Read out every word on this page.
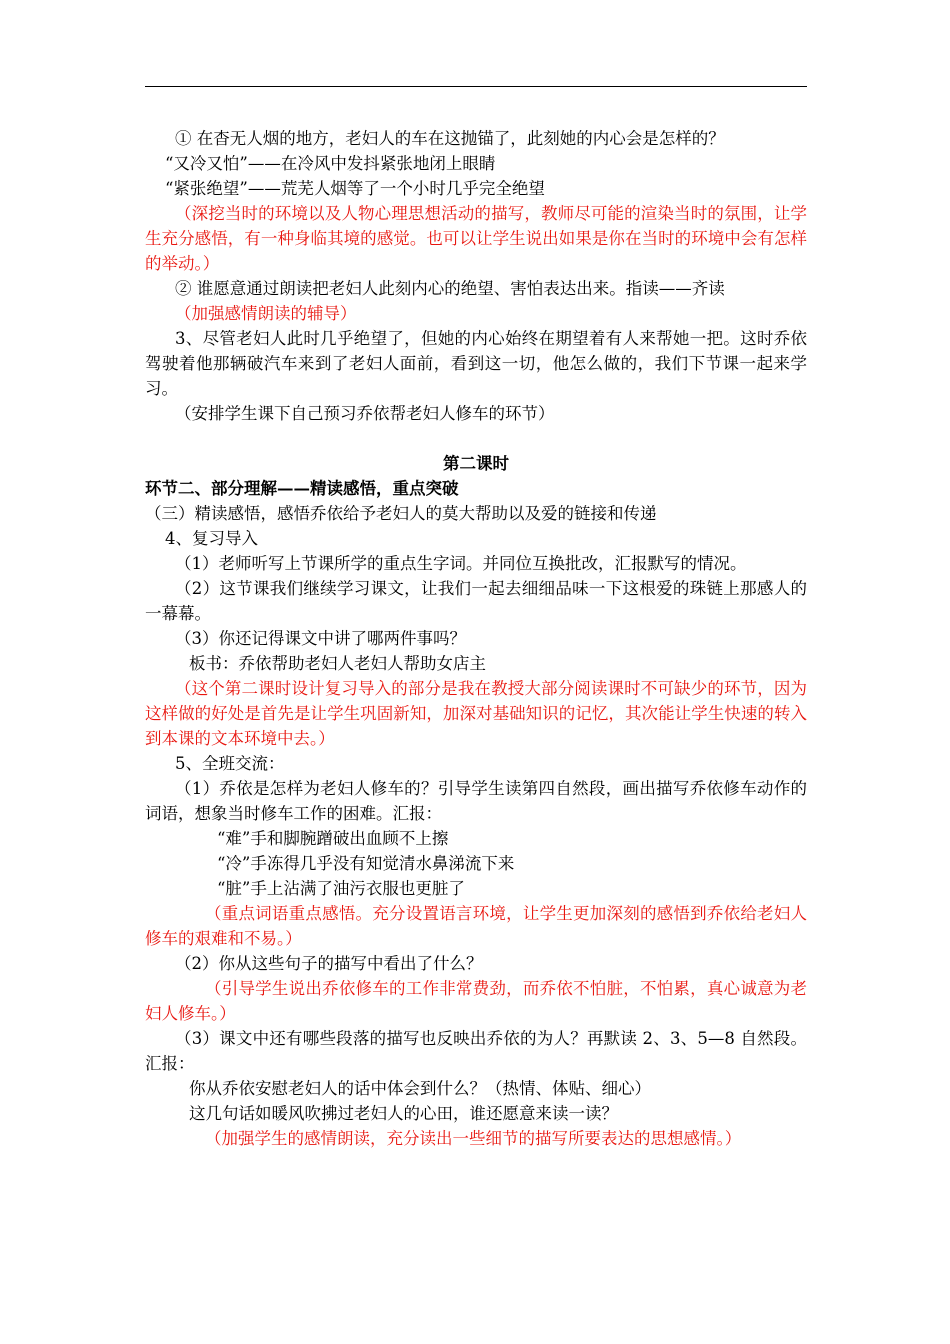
① 在杳无人烟的地方，老妇人的车在这抛锚了，此刻她的内心会是怎样的？

“又冷又怕”——在冷风中发抖紧张地闭上眼睛

“紧张绝望”——荒芜人烟等了一个小时几乎完全绝望

（深挖当时的环境以及人物心理思想活动的描写，教师尽可能的渲染当时的氛围，让学生充分感悟，有一种身临其境的感觉。也可以让学生说出如果是你在当时的环境中会有怎样的举动。）

② 谁愿意通过朗读把老妇人此刻内心的绝望、害怕表达出来。指读——齐读

（加强感情朗读的辅导）

3、尽管老妇人此时几乎绝望了，但她的内心始终在期望着有人来帮她一把。这时乔依驾驶着他那辆破汽车来到了老妇人面前，看到这一切，他怎么做的，我们下节课一起来学习。

（安排学生课下自己预习乔依帮老妇人修车的环节）

第二课时

环节二、部分理解——精读感悟，重点突破

（三）精读感悟，感悟乔依给予老妇人的莫大帮助以及爱的链接和传递

4、复习导入

（1）老师听写上节课所学的重点生字词。并同位互换批改，汇报默写的情况。

（2）这节课我们继续学习课文，让我们一起去细细品味一下这根爱的珠链上那感人的一幕幕。

（3）你还记得课文中讲了哪两件事吗？

板书：乔依帮助老妇人老妇人帮助女店主

（这个第二课时设计复习导入的部分是我在教授大部分阅读课时不可缺少的环节，因为这样做的好处是首先是让学生巩固新知，加深对基础知识的记忆，其次能让学生快速的转入到本课的文本环境中去。）

5、全班交流：

（1）乔依是怎样为老妇人修车的？引导学生读第四自然段，画出描写乔依修车动作的词语，想象当时修车工作的困难。汇报：

“难”手和脚腕蹭破出血顾不上擦

“冷”手冻得几乎没有知觉清水鼻涕流下来

“脏”手上沾满了油污衣服也更脏了

（重点词语重点感悟。充分设置语言环境，让学生更加深刻的感悟到乔依给老妇人修车的艰难和不易。）

（2）你从这些句子的描写中看出了什么？

（引导学生说出乔依修车的工作非常费劲，而乔依不怕脏，不怕累，真心诚意为老妇人修车。）

（3）课文中还有哪些段落的描写也反映出乔依的为人？再默读 2、3、5—8 自然段。汇报：

你从乔依安慰老妇人的话中体会到什么？（热情、体贴、细心）

这几句话如暖风吹拂过老妇人的心田，谁还愿意来读一读？

（加强学生的感情朗读，充分读出一些细节的描写所要表达的思想感情。）
